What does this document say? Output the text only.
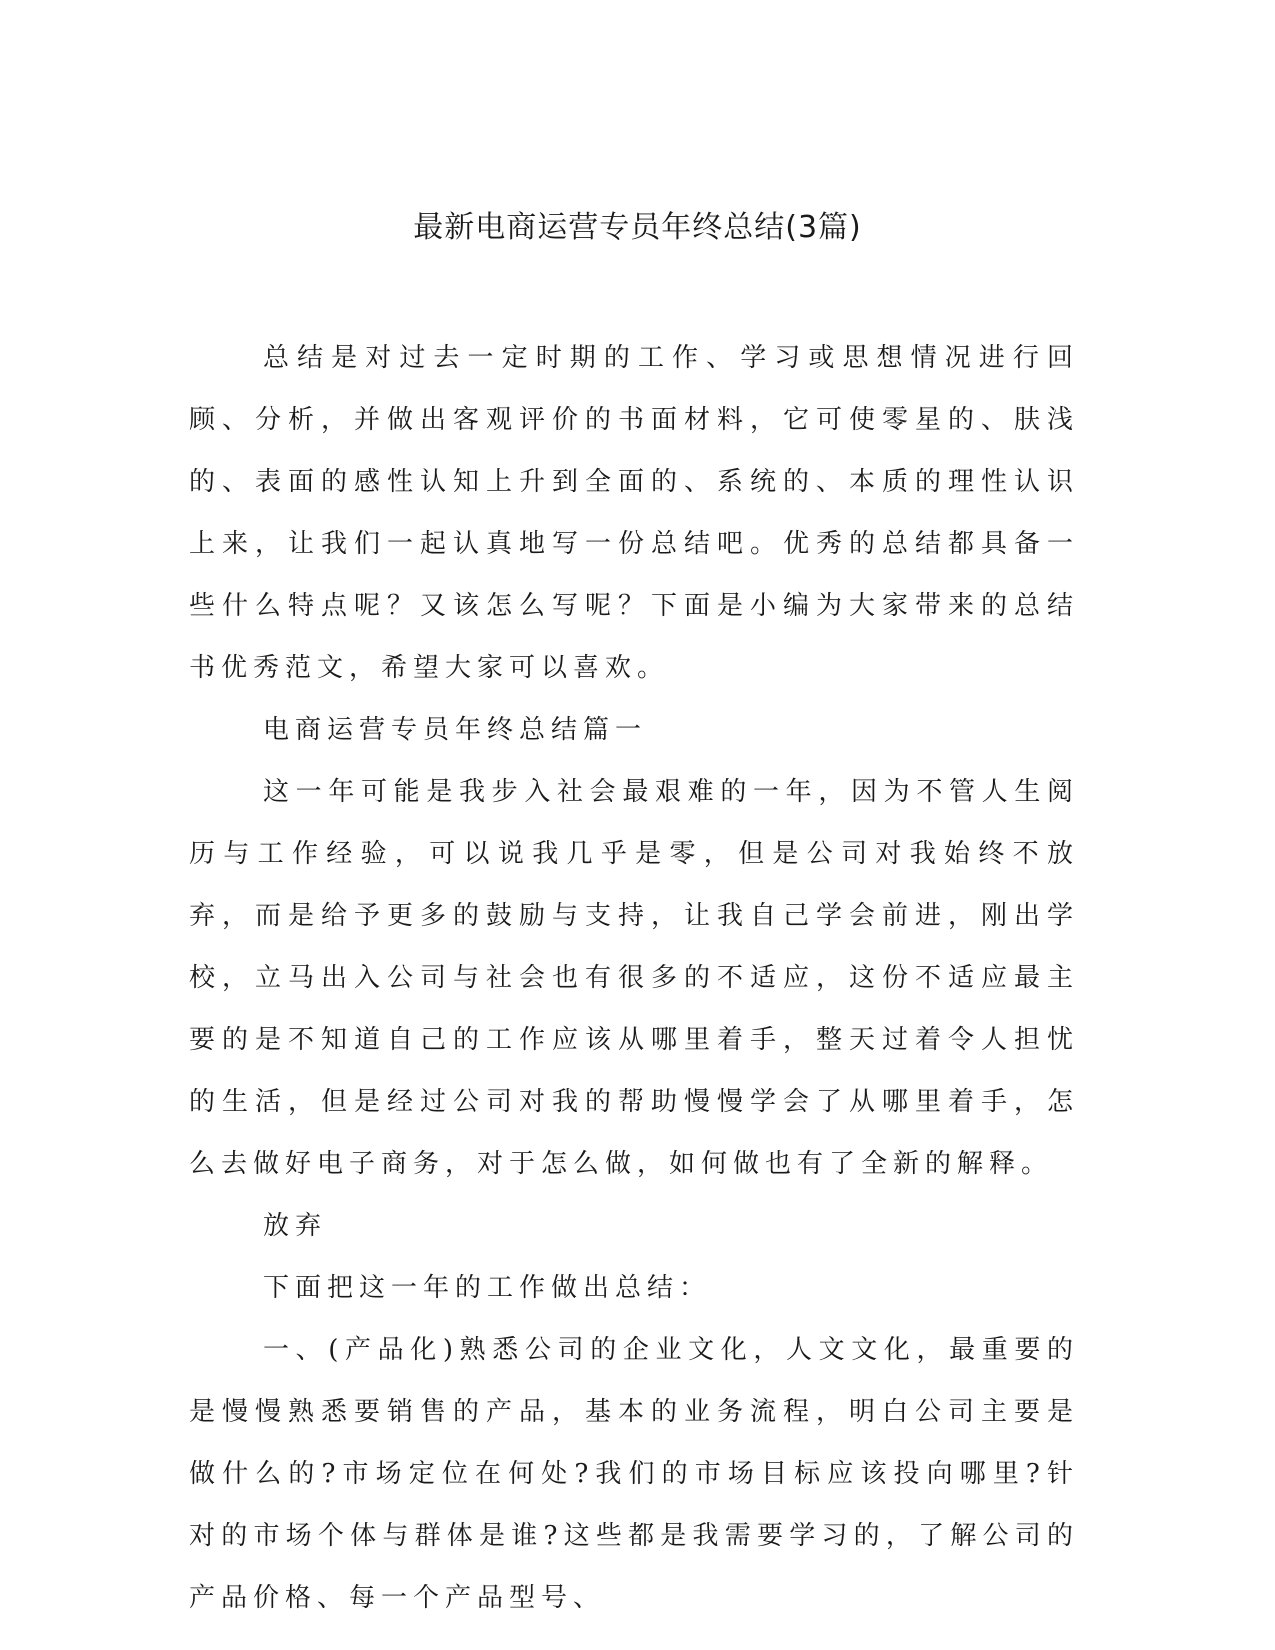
最新电商运营专员年终总结(3篇)

总结是对过去一定时期的工作、学习或思想情况进行回顾、分析，并做出客观评价的书面材料，它可使零星的、肤浅的、表面的感性认知上升到全面的、系统的、本质的理性认识上来，让我们一起认真地写一份总结吧。优秀的总结都具备一些什么特点呢？又该怎么写呢？下面是小编为大家带来的总结书优秀范文，希望大家可以喜欢。

电商运营专员年终总结篇一

这一年可能是我步入社会最艰难的一年，因为不管人生阅历与工作经验，可以说我几乎是零，但是公司对我始终不放弃，而是给予更多的鼓励与支持，让我自己学会前进，刚出学校，立马出入公司与社会也有很多的不适应，这份不适应最主要的是不知道自己的工作应该从哪里着手，整天过着令人担忧的生活，但是经过公司对我的帮助慢慢学会了从哪里着手，怎么去做好电子商务，对于怎么做，如何做也有了全新的解释。

放弃

下面把这一年的工作做出总结：

一、(产品化)熟悉公司的企业文化，人文文化，最重要的是慢慢熟悉要销售的产品，基本的业务流程，明白公司主要是做什么的?市场定位在何处?我们的市场目标应该投向哪里?针对的市场个体与群体是谁?这些都是我需要学习的，了解公司的产品价格、每一个产品型号、
